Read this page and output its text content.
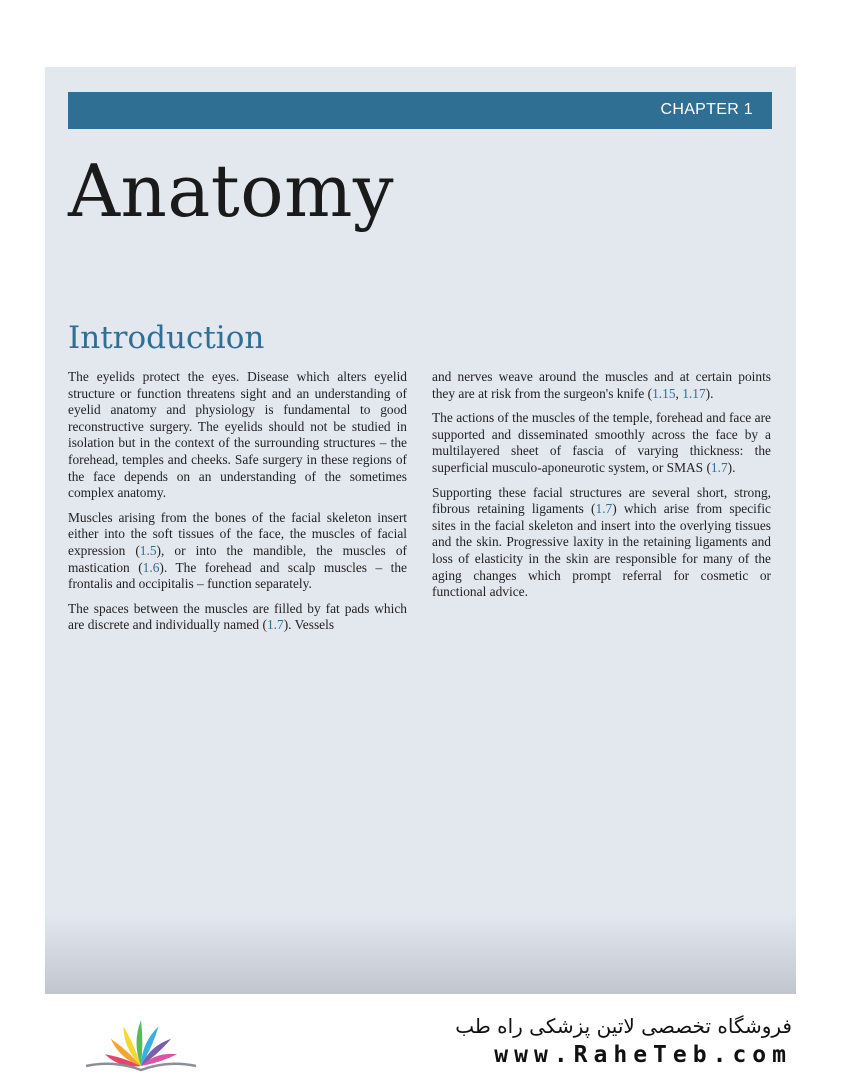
CHAPTER 1
Anatomy
Introduction

The eyelids protect the eyes. Disease which alters eyelid structure or function threatens sight and an understanding of eyelid anatomy and physiology is fundamental to good reconstructive surgery. The eyelids should not be studied in isolation but in the context of the surrounding structures – the forehead, temples and cheeks. Safe surgery in these regions of the face depends on an understanding of the sometimes complex anatomy.

Muscles arising from the bones of the facial skeleton insert either into the soft tissues of the face, the muscles of facial expression (1.5), or into the mandible, the muscles of mastication (1.6). The forehead and scalp muscles – the frontalis and occipitalis – function separately.

The spaces between the muscles are filled by fat pads which are discrete and individually named (1.7). Vessels

and nerves weave around the muscles and at certain points they are at risk from the surgeon's knife (1.15, 1.17).

The actions of the muscles of the temple, forehead and face are supported and disseminated smoothly across the face by a multilayered sheet of fascia of varying thickness: the superficial musculo-aponeurotic system, or SMAS (1.7).

Supporting these facial structures are several short, strong, fibrous retaining ligaments (1.7) which arise from specific sites in the facial skeleton and insert into the overlying tissues and the skin. Progressive laxity in the retaining ligaments and loss of elasticity in the skin are responsible for many of the aging changes which prompt referral for cosmetic or functional advice.

فروشگاه تخصصی لاتین پزشکی راه طب
www.RaheTeb.com
